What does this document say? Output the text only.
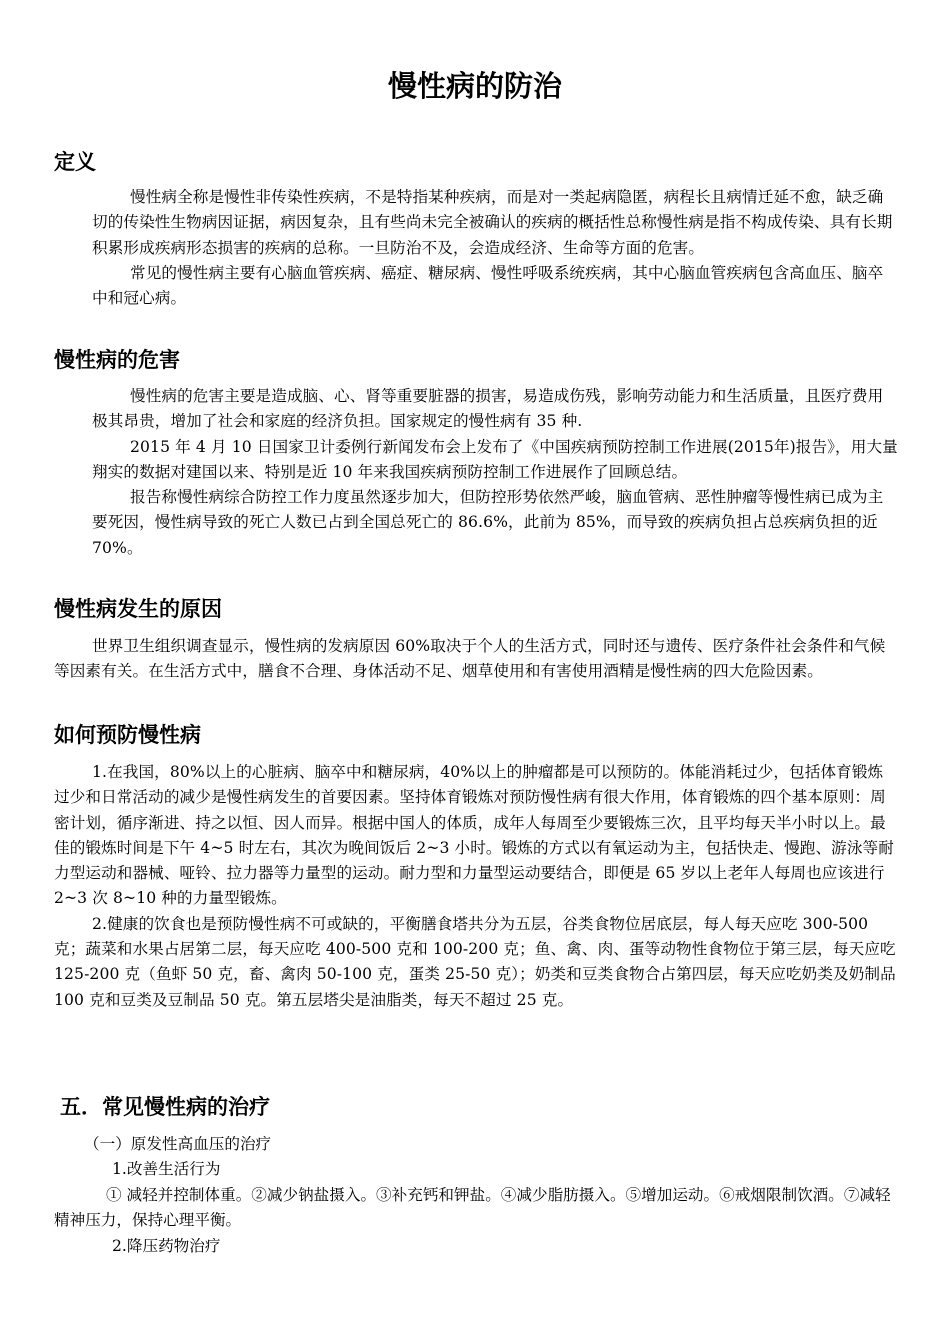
慢性病的防治
定义

慢性病全称是慢性非传染性疾病，不是特指某种疾病，而是对一类起病隐匿，病程长且病情迁延不愈，缺乏确切的传染性生物病因证据，病因复杂，且有些尚未完全被确认的疾病的概括性总称慢性病是指不构成传染、具有长期积累形成疾病形态损害的疾病的总称。一旦防治不及，会造成经济、生命等方面的危害。

常见的慢性病主要有心脑血管疾病、癌症、糖尿病、慢性呼吸系统疾病，其中心脑血管疾病包含高血压、脑卒中和冠心病。

慢性病的危害

慢性病的危害主要是造成脑、心、肾等重要脏器的损害，易造成伤残，影响劳动能力和生活质量，且医疗费用极其昂贵，增加了社会和家庭的经济负担。国家规定的慢性病有 35 种.

2015 年 4 月 10 日国家卫计委例行新闻发布会上发布了《中国疾病预防控制工作进展(2015年)报告》，用大量翔实的数据对建国以来、特别是近 10 年来我国疾病预防控制工作进展作了回顾总结。

报告称慢性病综合防控工作力度虽然逐步加大，但防控形势依然严峻，脑血管病、恶性肿瘤等慢性病已成为主要死因，慢性病导致的死亡人数已占到全国总死亡的 86.6%，此前为 85%，而导致的疾病负担占总疾病负担的近 70%。

慢性病发生的原因

世界卫生组织调查显示，慢性病的发病原因 60%取决于个人的生活方式，同时还与遗传、医疗条件社会条件和气候等因素有关。在生活方式中，膳食不合理、身体活动不足、烟草使用和有害使用酒精是慢性病的四大危险因素。

如何预防慢性病

1.在我国，80%以上的心脏病、脑卒中和糖尿病，40%以上的肿瘤都是可以预防的。体能消耗过少，包括体育锻炼过少和日常活动的减少是慢性病发生的首要因素。坚持体育锻炼对预防慢性病有很大作用，体育锻炼的四个基本原则：周密计划，循序渐进、持之以恒、因人而异。根据中国人的体质，成年人每周至少要锻炼三次，且平均每天半小时以上。最佳的锻炼时间是下午 4~5 时左右，其次为晚间饭后 2~3 小时。锻炼的方式以有氧运动为主，包括快走、慢跑、游泳等耐力型运动和器械、哑铃、拉力器等力量型的运动。耐力型和力量型运动要结合，即便是 65 岁以上老年人每周也应该进行 2~3 次 8~10 种的力量型锻炼。

2.健康的饮食也是预防慢性病不可或缺的，平衡膳食塔共分为五层，谷类食物位居底层，每人每天应吃 300-500 克；蔬菜和水果占居第二层，每天应吃 400-500 克和 100-200 克；鱼、禽、肉、蛋等动物性食物位于第三层，每天应吃 125-200 克（鱼虾 50 克，畜、禽肉 50-100 克，蛋类 25-50 克）；奶类和豆类食物合占第四层，每天应吃奶类及奶制品 100 克和豆类及豆制品 50 克。第五层塔尖是油脂类，每天不超过 25 克。

五．常见慢性病的治疗

（一）原发性高血压的治疗

1.改善生活行为

① 减轻并控制体重。②减少钠盐摄入。③补充钙和钾盐。④减少脂肪摄入。⑤增加运动。⑥戒烟限制饮酒。⑦减轻精神压力，保持心理平衡。

2.降压药物治疗
